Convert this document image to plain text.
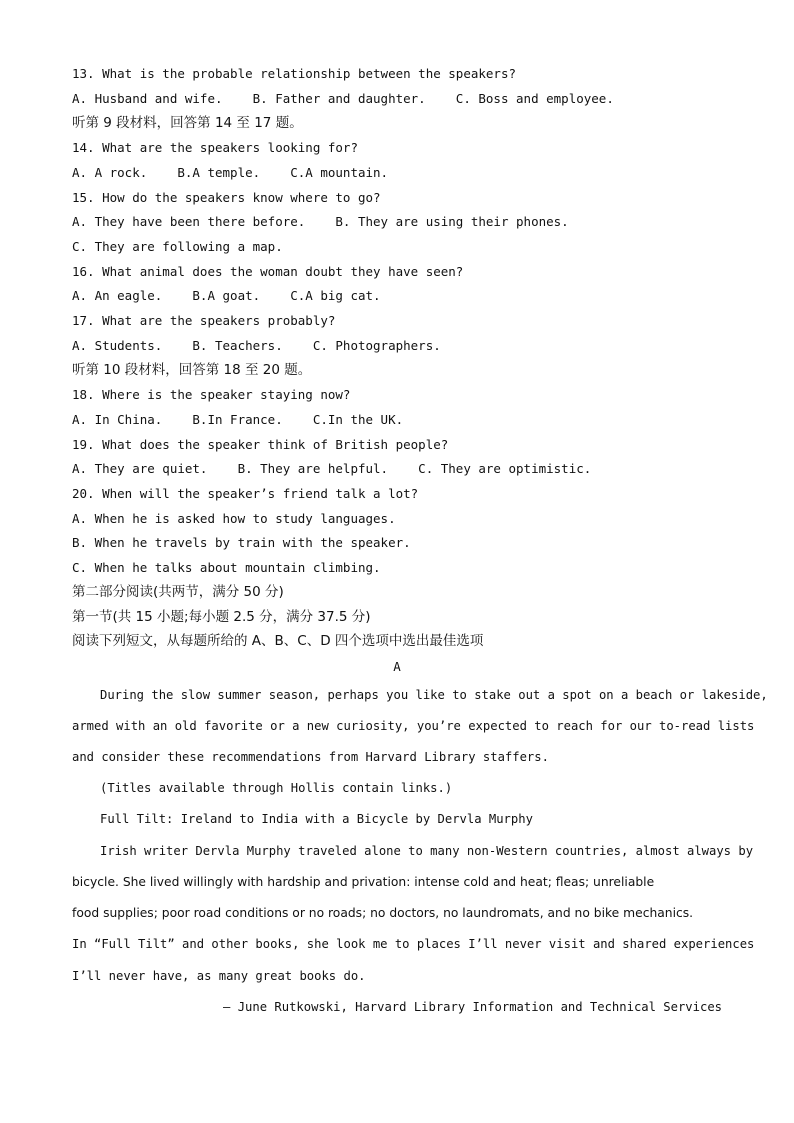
13. What is the probable relationship between the speakers?
A. Husband and wife.    B. Father and daughter.    C. Boss and employee.
听第 9 段材料，回答第 14 至 17 题。
14. What are the speakers looking for?
A. A rock.    B.A temple.    C.A mountain.
15. How do the speakers know where to go?
A. They have been there before.    B. They are using their phones.
C. They are following a map.
16. What animal does the woman doubt they have seen?
A. An eagle.    B.A goat.    C.A big cat.
17. What are the speakers probably?
A. Students.    B. Teachers.    C. Photographers.
听第 10 段材料，回答第 18 至 20 题。
18. Where is the speaker staying now?
A. In China.    B.In France.    C.In the UK.
19. What does the speaker think of British people?
A. They are quiet.    B. They are helpful.    C. They are optimistic.
20. When will the speaker’s friend talk a lot?
A. When he is asked how to study languages.
B. When he travels by train with the speaker.
C. When he talks about mountain climbing.
第二部分阅读(共两节，满分 50 分)
第一节(共 15 小题;每小题 2.5 分，满分 37.5 分)
阅读下列短文，从每题所给的 A、B、C、D 四个选项中选出最佳选项
A
During the slow summer season, perhaps you like to stake out a spot on a beach or lakeside,
armed with an old favorite or a new curiosity, you’re expected to reach for our to-read lists
and consider these recommendations from Harvard Library staffers.
(Titles available through Hollis contain links.)
Full Tilt: Ireland to India with a Bicycle by Dervla Murphy
Irish writer Dervla Murphy traveled alone to many non-Western countries, almost always by
bicycle. She lived willingly with hardship and privation: intense cold and heat; fleas; unreliable
food supplies; poor road conditions or no roads; no doctors, no laundromats, and no bike mechanics.
In “Full Tilt” and other books, she look me to places I’ll never visit and shared experiences
I’ll never have, as many great books do.
— June Rutkowski, Harvard Library Information and Technical Services
